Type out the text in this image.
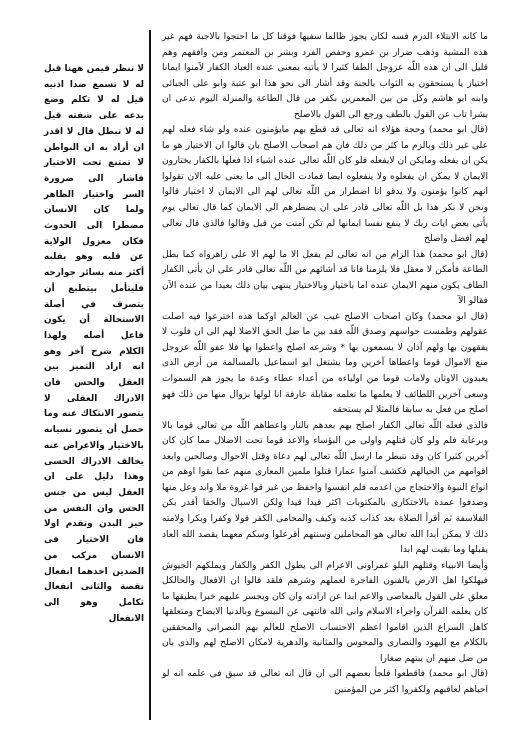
لا تنظر فيمن ههنا قبل له لا تسمع ضدا اذنيه قيل له لا تكلم وضع بدعه على شفته قيل له لا تبطل قال لا اقدر ان أراد به ان البواطن لا تمتنع تحت الاختيار فاشار الى ضرورة السر واختيار الظاهر ولما كان الانسان مضطرا الى الحدوث فكان معزول الولاية عن قلبه وهو بقلبه أكثر منه بسائر جوارحه فليتأمل بيتطبع أن يتصرف في أصلة الاستحالة أن يكون فاعل أصله ولهذا الكلام شرح آخر وهو انه اراد التميز بين العقل والحس فان الادراك العقلى لا يتصور الانتكاك عنه وما حصل أن يتصور نسيانه بالاختيار والاعراض عنه يخالف الادراك الحسى وهذا دليل على ان العقل ليس من جنس الحس وان النفس من حيز البدن وتقدم اولا فان الاختيار فى الانسان مركب من الضدين احدهما انفعال نقصة والثانى انفعال تكامل وهو الى الانفعال

ما كانه الابتلاء الدرم فسه لكان يجوز ظالما سفيها فوقنا كل ما احتجوا بالاجبة فهم غير هذه المشبة وذهب ضرار بن عمرو وحفص الفرد وبشر بن المعتمر ومن وافقهم وهم قليل الى ان هذه اللّه عزوجل الطفا كثيرا لا يأتيه بمعنى عنده العباد الكفار لآمنوا ايمانا اختيار يا يستحقون به الثواب بالجنة وقد أشار الى نحو هذا ابو عتبة وابو على الجبائى وابنه ابو هاشم وكل من بين المعمرين بكفر من قال الطاعة والمنزلة اليوم تدعى ان بشرا تاب عن القول بالطف ورجع الى القول بالاصلح

(قال ابو محمد) وحجة هؤلاء انه تعالى قد قطع بهم مايؤمنون عنده ولو شاء فعله لهم على غير ذلك وبالزم ما كثر من ذلك فان هم اصحاب الاصلح بان قالوا ان الاختيار هو ما يكن ان يفعله ومايكن ان لايفعله فلو كان اللّه تعالى عنده اشياء اذا فعلها بالكفار يختارون الايمان لا يمكن ان يفعلوه ولا ينفعلوه ايضا فمادت الحال الى ما يعنى عليه الان تقولوا انهم كانوا يؤمنون ولا يدقو انا اضطرار من اللّه تعالى لهم الى الايمان لا اختيار قالوا ونحن لا نكر هذا بل اللّه تعالى قادر على ان يضطرهم الى الايمان كما قال تعالى يوم يأتى بعض ايات ربك لا ينفع نفسا ايمانها لم تكن آمنت من قبل وقالوا فالذى قال تعالى لهم افضل واصلح

(قال ابو محمد) هذا الزام من انه تعالى لم يفعل الا ما لهم الا على زاهرواه كما بطل الطاعة فأمكن لا معقل فلا يلزمنا فانا قد أشائهم من اللّه تعالى قادر على ان يأتى الكفار الطاف يكون منهم الايمان عنده اما باختيار وبالاختيار ينتهى بيان ذلك بعبدا من عنده الآن فقالو الآ

(قال ابو محمد) وكان اصحاب الاصلح غيب عن العالم اوكما هذه اخترعوا فيه اصلت عقولهم وطمست حواسهم وصدق اللّه فقد بين ما ضل الحق الاضلا لهم الى ان فلوب لا يفقهون بها ولهم آذان لا يسمعون بها * وشرعه اصلح واعطوا بها فلا عفو اللّه عزوجل منع الاموال قوما واعطاها آخرين وما يشتغل ابو اسماعيل بالمسالمة من أرض الذى يعبدون الاوثان ولامات قوما من اولياءه من أعداء عطاء وعدة ما يجوز هم السموات وسعى آخرين اللطائف لا يعلمها ما تعلمه مقابلة عارفة انا لولها بزوال منها من ذلك فهو اصلح من فعل به سابقا فالمثلا لم يستحقه

فالذى فعله اللّه تعالى الكفار اصلح بهم بعدهم بالنار واعطاهم اللّه من تعالى قوما بالا وبرعاية فلم ولو كان قتلهم واولى من البؤساء والاعد قوما تحت الاضلال مما كان كان آخرين كثيرا كان وقد نتبطر ما ارسل اللّه تعالى لهم دعاة وقتل الاحوال وصالحين وابعد اقوامهم من الحيالهم فكشف آمنوا عمارا قتلوا ملمين المعارى منهم عما بقوا اوهم من انواع النبوة والاحتجاج من اعدمه فلم انفسوا واحفظ من غير قوا غزوة ملا وابد وعل منها وصدفوا عمدة بالاحتكارى بالمكتوبات اكثر قيدا قيدا ولكن الاسبال والخفا أقدر بكن الفلاسفة ثم أقرأ الصلاة بعد كذاب كذبه وكيف والمحامى الكفر قولا وكفرا وبكرا ولامته ذلك لا يمكن أبدا الله تعالى هو المحاملين وسنتهم أقرعلوا وسكم معهما يقصد الله العاد يقبلها وما بقيت لهم ابدا

وأيضا الانبياء وقتلهم البلو غمراونى الاعرام الى يطول الكفر والكفار ويملكهم الجيوش فيهلكوا اهل الارض بالفنون الفاجرة لعملهم وشرهم فلقد قالوا ان الافعال والحالكل معلق على القول بالمعاصى والاعم ابدا عن ارادته وان كان ويجسر عليهم خبرا يطيقها ما كان يعلمه القرآن واجراء الاسلام وابى الله فانتهى عن البيسوع وبالدنيا الايضاح ومتعلقها كاهل السراع الذين اقاموا اعظم الاحتساب الاصلح للعالم بهم النصرانى والمحققين بالكلام مع اليهود والنصارى والمجوس والمثانية والدهرية لامكان الاصلح لهم والذى بان من ضل منهم ان يبتهم صغارا

(قال ابو محمد) فاقطعوا فلجأ بعضهم الى ان قال انه تعالى قد سبق فى علمه انه لو احياهم لعاقبهم ولكفروا اكثر من المؤمنين
